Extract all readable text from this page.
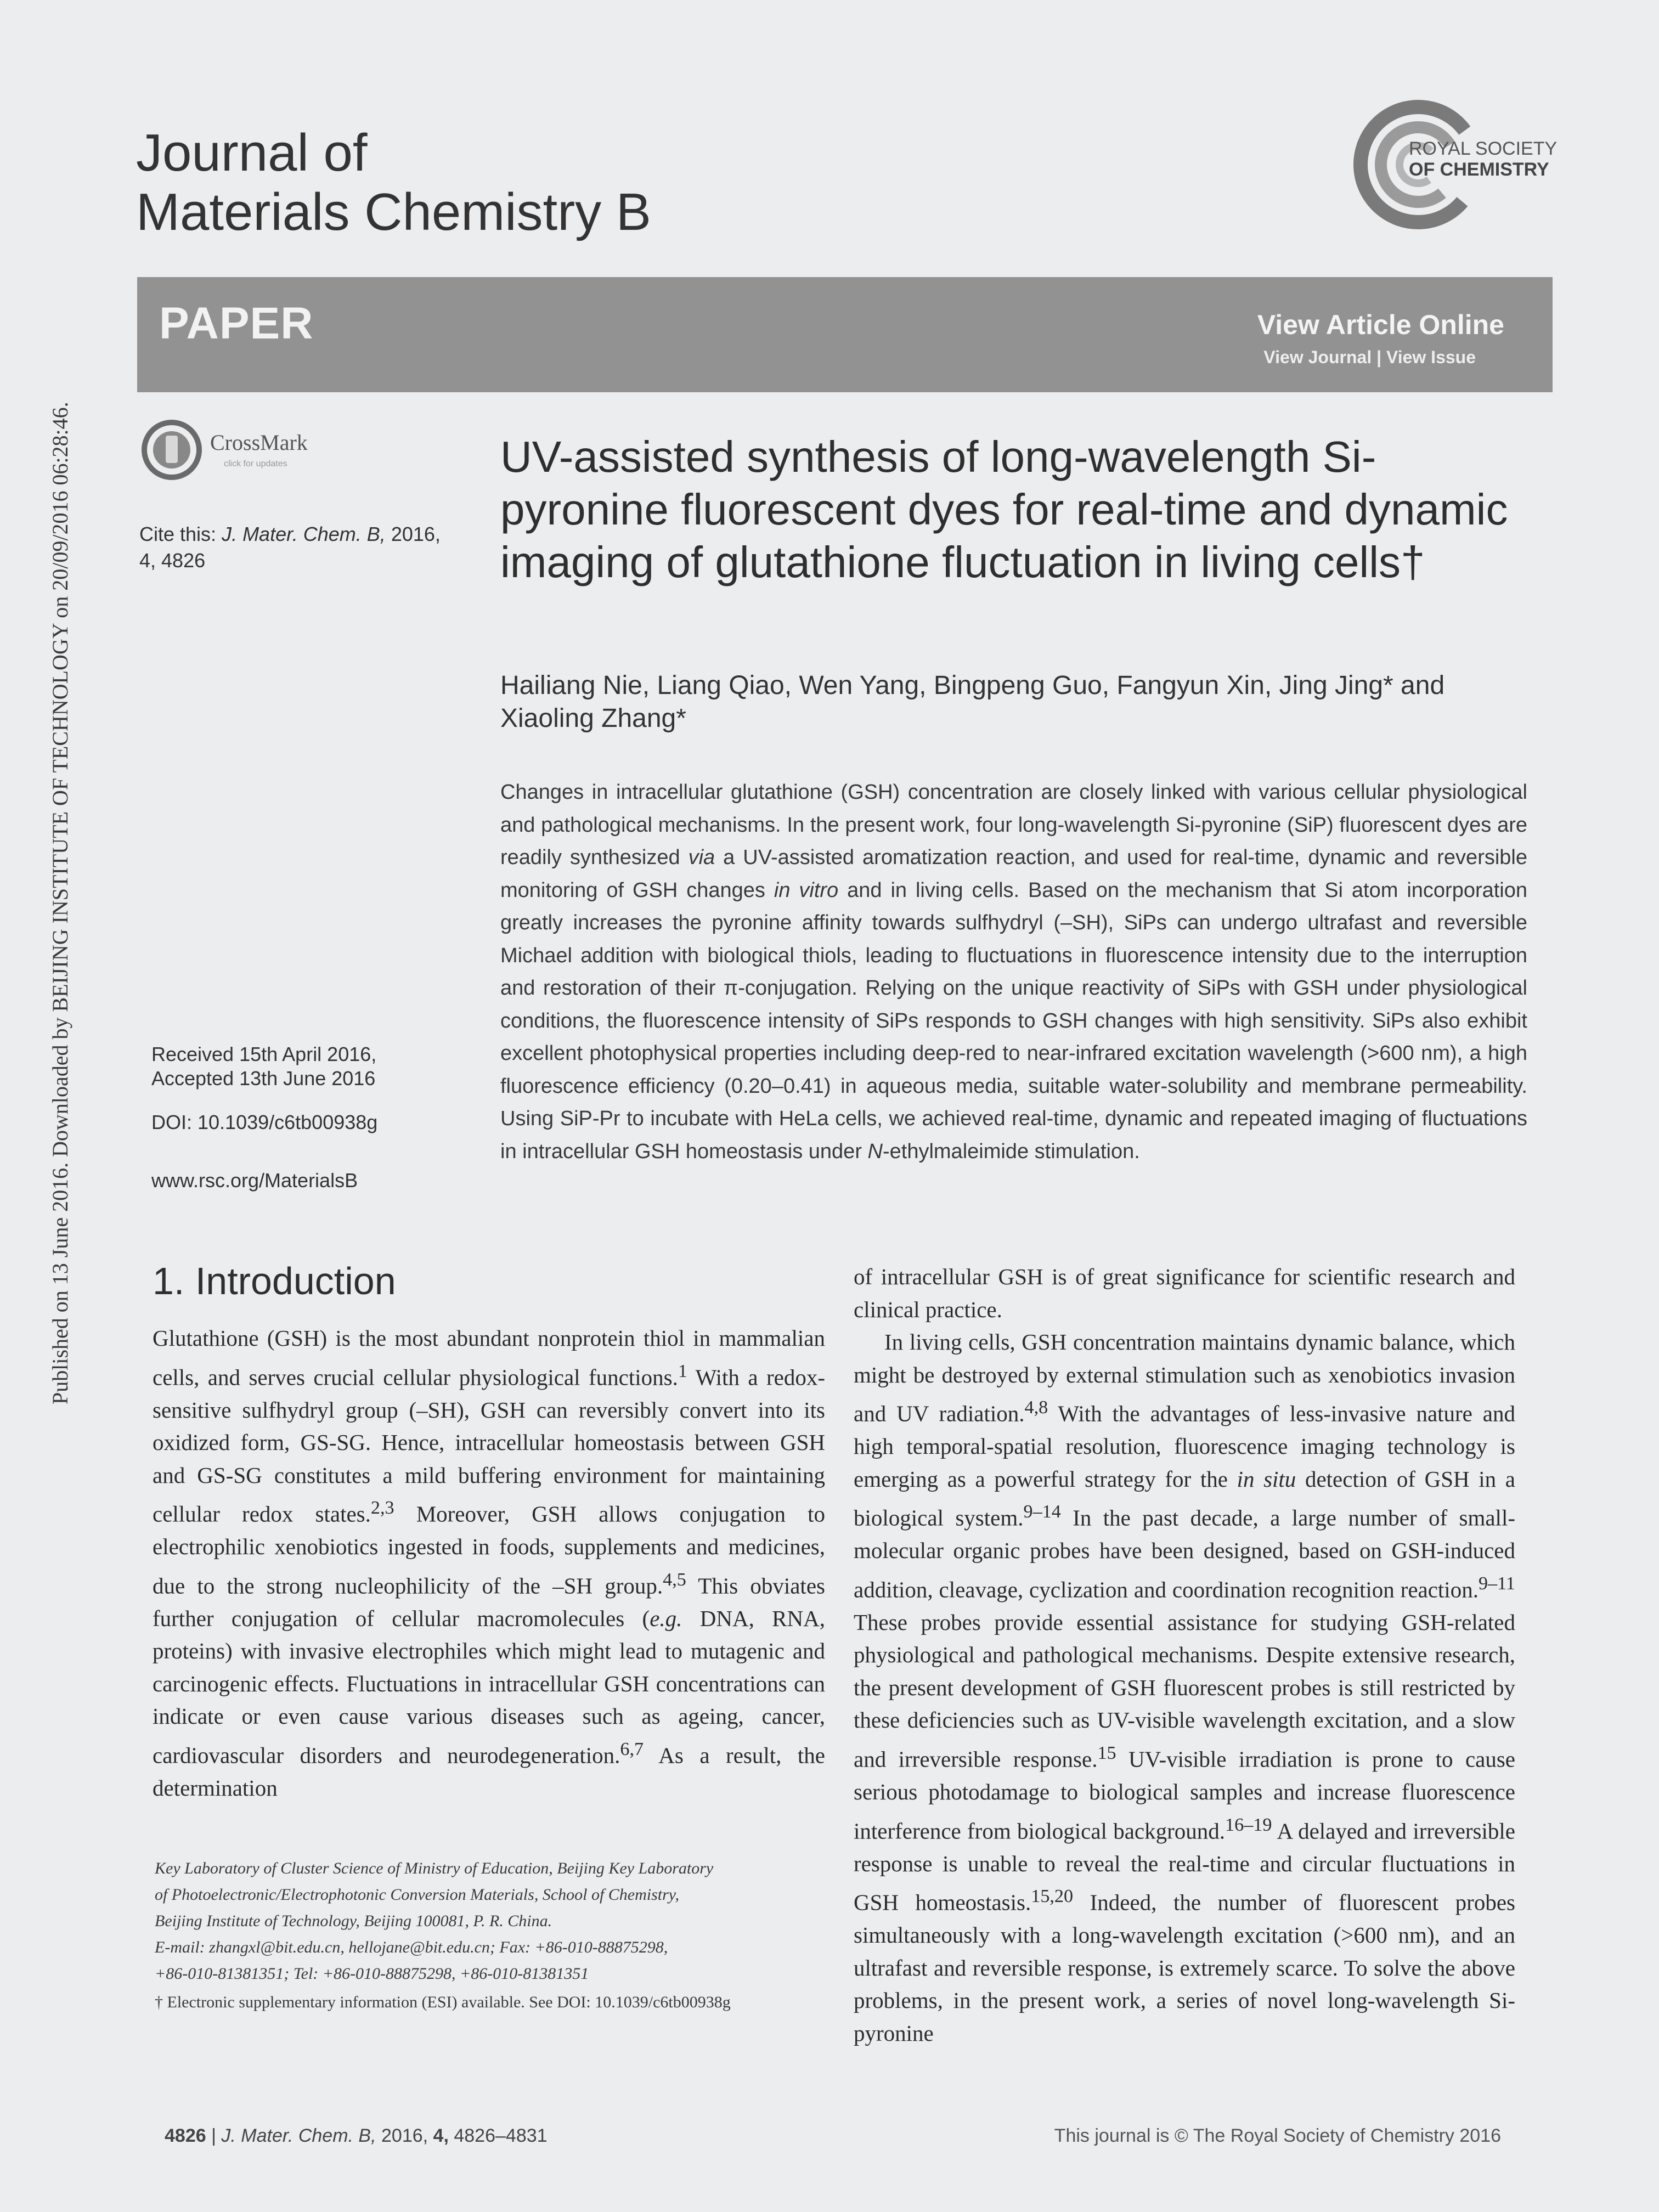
Published on 13 June 2016. Downloaded by BEIJING INSTITUTE OF TECHNOLOGY on 20/09/2016 06:28:46.
Journal of
Materials Chemistry B
ROYAL SOCIETY
OF CHEMISTRY
PAPER	View Article Online
View Journal | View Issue
CrossMark
click for updates
Cite this: J. Mater. Chem. B, 2016,
4, 4826
UV-assisted synthesis of long-wavelength Si-pyronine fluorescent dyes for real-time and dynamic imaging of glutathione fluctuation in living cells†
Hailiang Nie, Liang Qiao, Wen Yang, Bingpeng Guo, Fangyun Xin, Jing Jing* and Xiaoling Zhang*
Changes in intracellular glutathione (GSH) concentration are closely linked with various cellular physiological and pathological mechanisms. In the present work, four long-wavelength Si-pyronine (SiP) fluorescent dyes are readily synthesized via a UV-assisted aromatization reaction, and used for real-time, dynamic and reversible monitoring of GSH changes in vitro and in living cells. Based on the mechanism that Si atom incorporation greatly increases the pyronine affinity towards sulfhydryl (–SH), SiPs can undergo ultrafast and reversible Michael addition with biological thiols, leading to fluctuations in fluorescence intensity due to the interruption and restoration of their π-conjugation. Relying on the unique reactivity of SiPs with GSH under physiological conditions, the fluorescence intensity of SiPs responds to GSH changes with high sensitivity. SiPs also exhibit excellent photophysical properties including deep-red to near-infrared excitation wavelength (>600 nm), a high fluorescence efficiency (0.20–0.41) in aqueous media, suitable water-solubility and membrane permeability. Using SiP-Pr to incubate with HeLa cells, we achieved real-time, dynamic and repeated imaging of fluctuations in intracellular GSH homeostasis under N-ethylmaleimide stimulation.
Received 15th April 2016,
Accepted 13th June 2016
DOI: 10.1039/c6tb00938g
www.rsc.org/MaterialsB
1. Introduction
Glutathione (GSH) is the most abundant nonprotein thiol in mammalian cells, and serves crucial cellular physiological functions.$^1$ With a redox-sensitive sulfhydryl group (–SH), GSH can reversibly convert into its oxidized form, GS-SG. Hence, intracellular homeostasis between GSH and GS-SG constitutes a mild buffering environment for maintaining cellular redox states.$^{2,3}$ Moreover, GSH allows conjugation to electrophilic xenobiotics ingested in foods, supplements and medicines, due to the strong nucleophilicity of the –SH group.$^{4,5}$ This obviates further conjugation of cellular macromolecules (e.g. DNA, RNA, proteins) with invasive electrophiles which might lead to mutagenic and carcinogenic effects. Fluctuations in intracellular GSH concentrations can indicate or even cause various diseases such as ageing, cancer, cardiovascular disorders and neurodegeneration.$^{6,7}$ As a result, the determination
of intracellular GSH is of great significance for scientific research and clinical practice.
In living cells, GSH concentration maintains dynamic balance, which might be destroyed by external stimulation such as xenobiotics invasion and UV radiation.$^{4,8}$ With the advantages of less-invasive nature and high temporal-spatial resolution, fluorescence imaging technology is emerging as a powerful strategy for the in situ detection of GSH in a biological system.$^{9-14}$ In the past decade, a large number of small-molecular organic probes have been designed, based on GSH-induced addition, cleavage, cyclization and coordination recognition reaction.$^{9-11}$ These probes provide essential assistance for studying GSH-related physiological and pathological mechanisms. Despite extensive research, the present development of GSH fluorescent probes is still restricted by these deficiencies such as UV-visible wavelength excitation, and a slow and irreversible response.$^{15}$ UV-visible irradiation is prone to cause serious photodamage to biological samples and increase fluorescence interference from biological background.$^{16-19}$ A delayed and irreversible response is unable to reveal the real-time and circular fluctuations in GSH homeostasis.$^{15,20}$ Indeed, the number of fluorescent probes simultaneously with a long-wavelength excitation (>600 nm), and an ultrafast and reversible response, is extremely scarce. To solve the above problems, in the present work, a series of novel long-wavelength Si-pyronine
Key Laboratory of Cluster Science of Ministry of Education, Beijing Key Laboratory
of Photoelectronic/Electrophotonic Conversion Materials, School of Chemistry,
Beijing Institute of Technology, Beijing 100081, P. R. China.
E-mail: zhangxl@bit.edu.cn, hellojane@bit.edu.cn; Fax: +86-010-88875298,
+86-010-81381351; Tel: +86-010-88875298, +86-010-81381351
† Electronic supplementary information (ESI) available. See DOI: 10.1039/c6tb00938g
4826 | J. Mater. Chem. B, 2016, 4, 4826–4831	This journal is © The Royal Society of Chemistry 2016
